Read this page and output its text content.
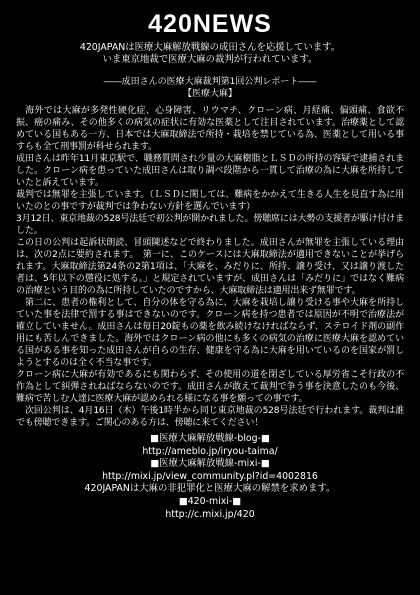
420NEWS
420JAPANは医療大麻解放戦線の成田さんを応援しています。
いま東京地裁で医療大麻の裁判が行われています。
――成田さんの医療大麻裁判第1回公判レポート――
【医療大麻】

　海外では大麻が多発性硬化症、心身障害、リウマチ、クローン病、月経痛、偏頭痛、食欲不振、癌の痛み、その他多くの病気の症状に有効な医薬として注目されています。治療薬として認めている国もある一方、日本では大麻取締法で所持・栽培を禁じている為、医薬として用いる事すらも全て刑事罰が科せられます。

成田さんは昨年11月東京駅で、職務質問され少量の大麻樹脂とＬＳＤの所持の容疑で逮捕されました。クローン病を患っていた成田さんは取り調べ段階から一貫して治療の為に大麻を所持していたと訴えています。

裁判では無罪を主張しています。（ＬＳＤに関しては、難病をかかえて生きる人生を見直す為に用いたのとの事ですが裁判では争わない方針を選んでいます）

3月12日、東京地裁の528号法廷で初公判が開かれました。傍聴席には大勢の支援者が駆け付けました。

この日の公判は起訴状朗読、冒頭陳述などで終わりました。成田さんが無罪を主張している理由は、次の2点に要約されます。　第一に、このケースには大麻取締法が適用できないことが挙げられます。大麻取締法第24条の2第1項は、「大麻を、みだりに、所持、譲り受け、又は譲り渡した者は、5年以下の懲役に処する。」と規定されていますが、成田さんは「みだりに」ではなく難病の治療という目的の為に所持していたのですから、大麻取締法は適用出来ず無罪です。

　第二に、患者の権利として、自分の体を守る為に、大麻を栽培し譲り受ける事や大麻を所持していた事を法律で罰する事はできないのです。クローン病を持つ患者では原因が不明で治療法が確立していません。成田さんは毎日20錠もの薬を飲み続けなければならず、ステロイド剤の副作用にも苦しんできました。海外ではクローン病の他にも多くの病気の治療に医療大麻を認めている国がある事を知った成田さんが自らの生存、健康を守る為に大麻を用いているのを国家が罰しようとするのは全く不当な事です。

クローン病に大麻が有効であるにも関わらず、その使用の道を閉ざしている厚労省こそ行政の不作為として糾弾されねばならないのです。成田さんが敢えて裁判で争う事を決意したのも今後、難病で苦しむ人達に医療大麻が認められる様になる事を願っての事です。

　次回公判は、4月16日（木）午後1時半から同じ東京地裁の528号法廷で行われます。裁判は誰でも傍聴できます。ご関心のある方は、傍聴に来てください！

■医療大麻解放戦線-blog-■
http://ameblo.jp/iryou-taima/
■医療大麻解放戦線-mixi-■
http://mixi.jp/view_community.pl?id=4002816
420JAPANは大麻の非犯罪化と医療大麻の解禁を求めます。
■420-mixi-■
http://c.mixi.jp/420
